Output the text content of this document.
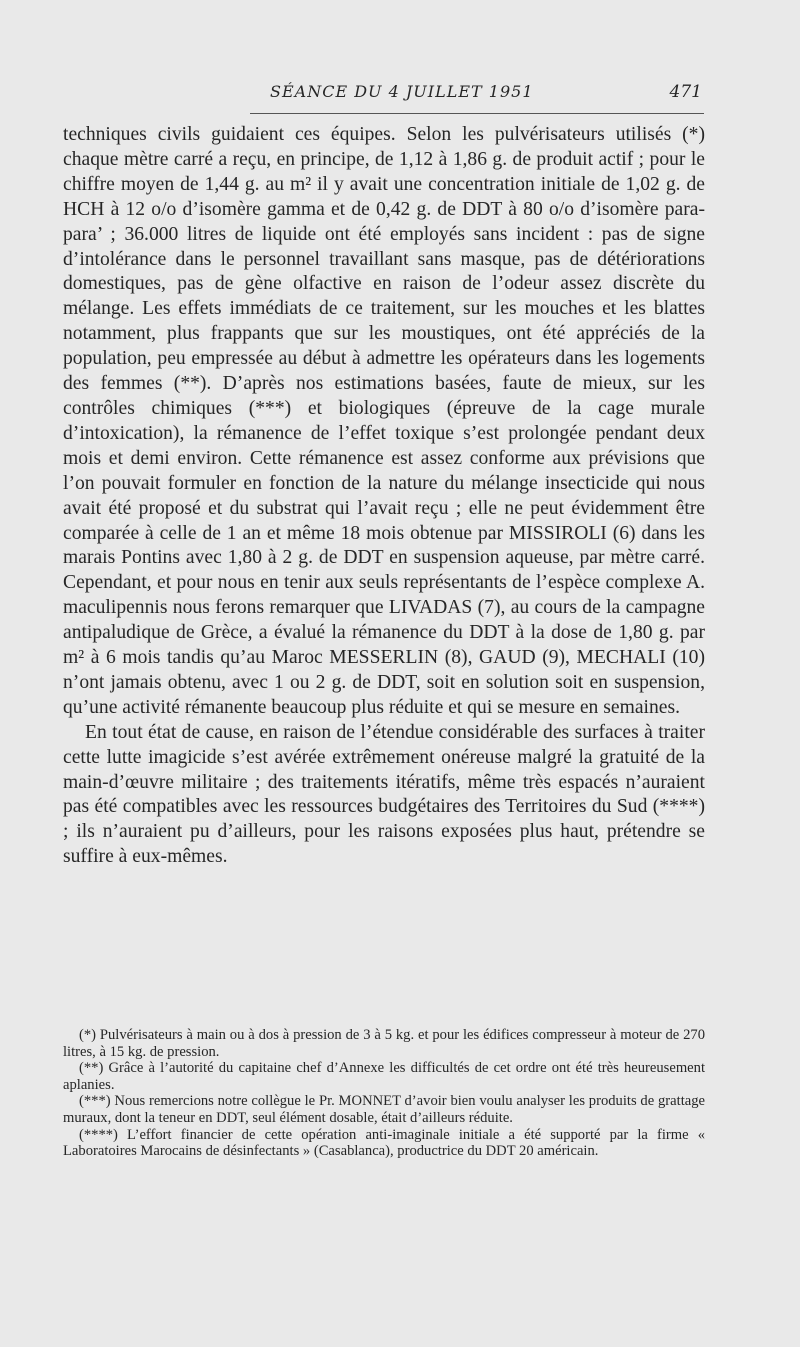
SÉANCE DU 4 JUILLET 1951	471

techniques civils guidaient ces équipes. Selon les pulvérisateurs utilisés (*) chaque mètre carré a reçu, en principe, de 1,12 à 1,86 g. de produit actif ; pour le chiffre moyen de 1,44 g. au m² il y avait une concentration initiale de 1,02 g. de HCH à 12 o/o d’isomère gamma et de 0,42 g. de DDT à 80 o/o d’isomère para-para’ ; 36.000 litres de liquide ont été employés sans incident : pas de signe d’intolérance dans le personnel travaillant sans masque, pas de détériorations domestiques, pas de gène olfactive en raison de l’odeur assez discrète du mélange. Les effets immédiats de ce traitement, sur les mouches et les blattes notamment, plus frappants que sur les moustiques, ont été appréciés de la population, peu empressée au début à admettre les opérateurs dans les logements des femmes (**). D’après nos estimations basées, faute de mieux, sur les contrôles chimiques (***) et biologiques (épreuve de la cage murale d’intoxication), la rémanence de l’effet toxique s’est prolongée pendant deux mois et demi environ. Cette rémanence est assez conforme aux prévisions que l’on pouvait formuler en fonction de la nature du mélange insecticide qui nous avait été proposé et du substrat qui l’avait reçu ; elle ne peut évidemment être comparée à celle de 1 an et même 18 mois obtenue par MISSIROLI (6) dans les marais Pontins avec 1,80 à 2 g. de DDT en suspension aqueuse, par mètre carré. Cependant, et pour nous en tenir aux seuls représentants de l’espèce complexe A. maculipennis nous ferons remarquer que LIVADAS (7), au cours de la campagne antipaludique de Grèce, a évalué la rémanence du DDT à la dose de 1,80 g. par m² à 6 mois tandis qu’au Maroc MESSERLIN (8), GAUD (9), MECHALI (10) n’ont jamais obtenu, avec 1 ou 2 g. de DDT, soit en solution soit en suspension, qu’une activité rémanente beaucoup plus réduite et qui se mesure en semaines.

En tout état de cause, en raison de l’étendue considérable des surfaces à traiter cette lutte imagicide s’est avérée extrêmement onéreuse malgré la gratuité de la main-d’œuvre militaire ; des traitements itératifs, même très espacés n’auraient pas été compatibles avec les ressources budgétaires des Territoires du Sud (****) ; ils n’auraient pu d’ailleurs, pour les raisons exposées plus haut, prétendre se suffire à eux-mêmes.

(*) Pulvérisateurs à main ou à dos à pression de 3 à 5 kg. et pour les édifices compresseur à moteur de 270 litres, à 15 kg. de pression.

(**) Grâce à l’autorité du capitaine chef d’Annexe les difficultés de cet ordre ont été très heureusement aplanies.

(***) Nous remercions notre collègue le Pr. MONNET d’avoir bien voulu analyser les produits de grattage muraux, dont la teneur en DDT, seul élément dosable, était d’ailleurs réduite.

(****) L’effort financier de cette opération anti-imaginale initiale a été supporté par la firme « Laboratoires Marocains de désinfectants » (Casablanca), productrice du DDT 20 américain.
